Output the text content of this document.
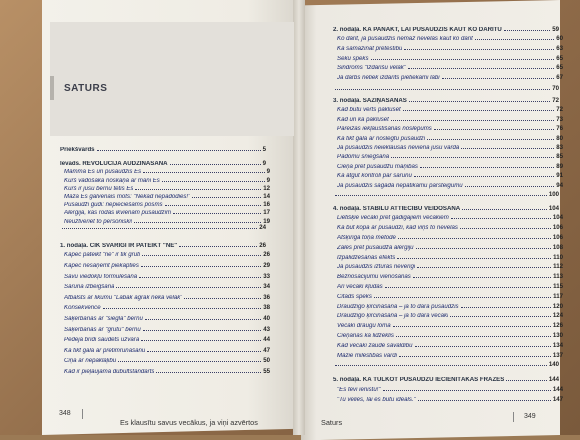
SATURS
Priekšvārds	5
Ievads. REVOLŪCIJA AUDZINĀŠANĀ	9
Mamma Es un pusaudzis Es	9
Kurš vadošākā noskaņa ar mani Es	9
Kurš ir jūsu bērnu tētis Es	12
Mazā Es galvenais mots: "Nekad nepadodies!"	14
Pusaudži gudi: nepieciešams posms	16
Alerģija, kas rodas ikvienam pusaudzim	17
Neuztveriet to personiski!	19
24
1. nodaļa. CIK SVARĪGI IR PATEIKT "NĒ"	26
Kāpēc pateikt "nē" ir tik grūti	26
Kāpēc nesaņemt piekāpties	29
Savu viedokļu formulēšana	33
Saruna izbeigšana	34
Atbalsts ar likumu "Labāk agrāk nekā vēlāk"	36
Konsekvence	38
Saķerbanās ar "siegla" bērnu	40
Saķerbanās ar "grūtu" bērnu	43
Pēdējā brīdī saudēts uzvara	44
Kā tikt galā ar pretimrunāšanu	47
Cīņa ar nepaklāļību	50
Kad ir pieļaujama dubultstandarts	55
2. nodaļa. KĀ PANĀKT, LAI PUSAUDZIS KAUT KO DARĪTU	59
Ko darīt, ja pusaudzis nemaz nevēlas kaut ko darīt	60
Kā samazināt pretestību	63
Seku spēks	65
Sindroms "Izdarīšu vēlāk"	65
Ja darbs netiek izdarīts pietiekami labi	67
70
3. nodaļa. SAZIŅĀŠANĀS	72
Kad būtu vērts paklusēt	72
Kad un kā paklusēt	73
Pareizas iekļaustīšanās noslēpums	76
Kā tikt galā ar noslēgtu pusaudzi	80
Ja pusaudzis neieklausās nevienā jūsu vārdā	83
Padomu sniegšana	85
Cieņa pret pusaudžu māņības	89
Kā atgūt kontroli pār sarunu	91
Ja pusaudzis sagādā nepatīkamu pārsteigumu	94
100
4. nodaļa. STABILU ATTIECĪBU VEIDOŠANA	104
Lietišķie vecāki pret gādīgajiem vecākiem	104
Kā būt kopā ar pusaudzi, kad viņš to nevēlas	106
Atšķirīgā toņa metode	106
Zāles pret pusaudža alerģiju	108
Izpalīdzēšanas efekts	110
Ja pusaudzis izturas nevērīgi	112
Beznosacījumu vienošanās	113
Ari vecāki kļūdās	115
Citāds spēks	117
Draudzīgo ķircināšana – ja to dara pusaudzis	120
Draudzīgo ķircināšana – ja to dara vecāki	124
Vecāki draugu lomā	126
Cīeņanas kā līdzeklis	130
Kad vecāki zaudē savaldību	134
Mazie mīlestības vārdi	137
140
5. nodaļa. KĀ TULKOT PUSAUDŽU IECIENĪTĀKĀS FRĀZES	144
"Es tevi ienīstu!"	144
"Tu vēlies, lai es būtu ideāls."	147
348
Es klausītu savus vecākus, ja viņi azvērtos	Saturs
349
